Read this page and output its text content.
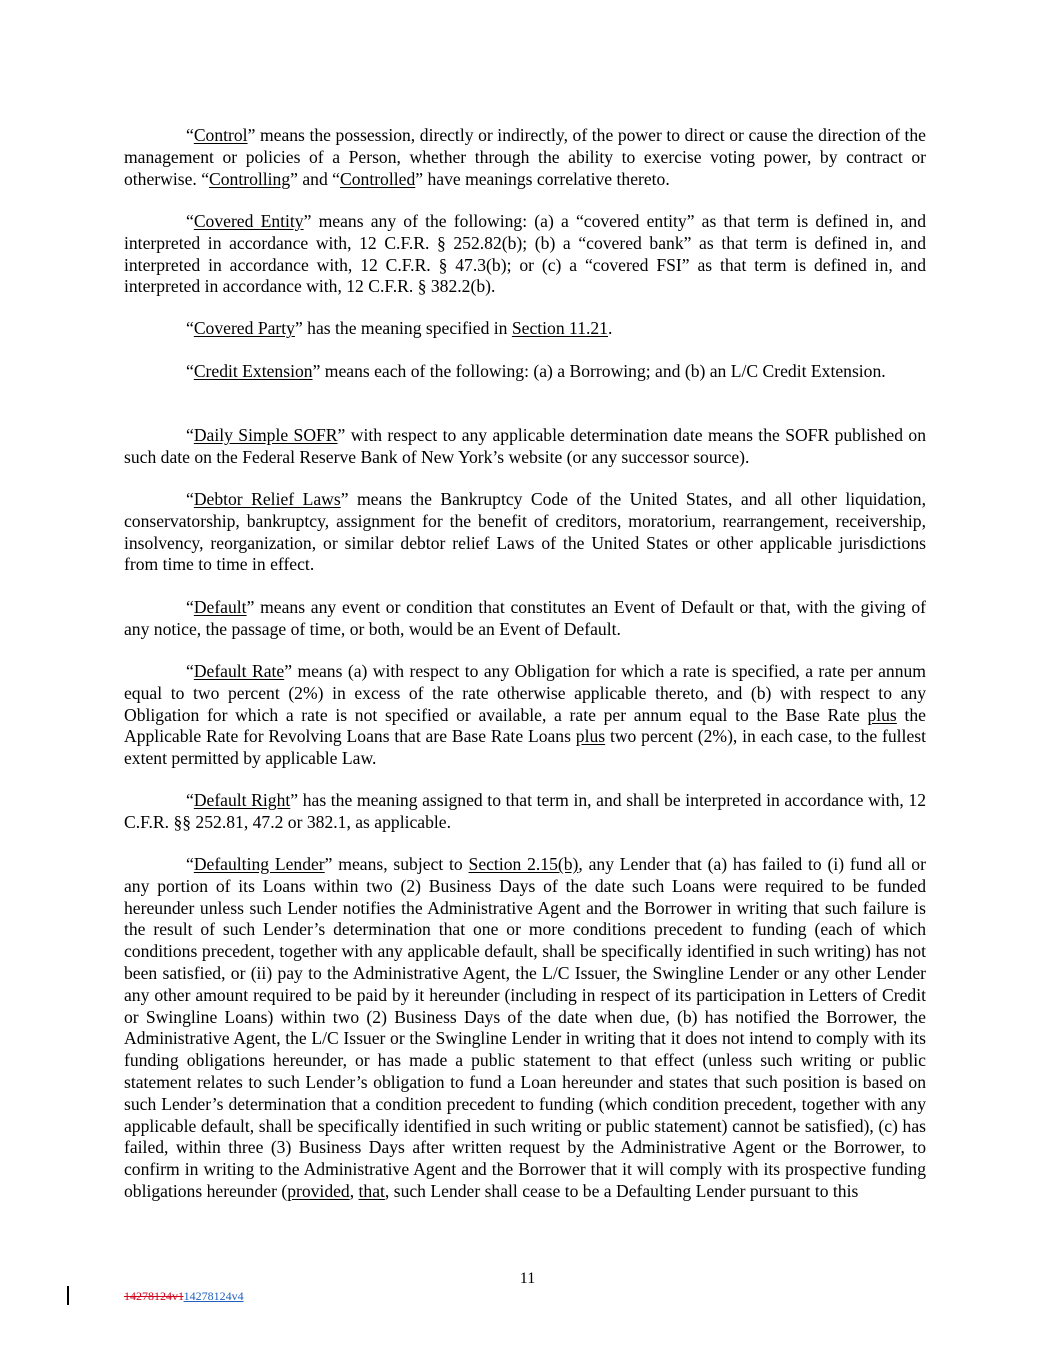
“Control” means the possession, directly or indirectly, of the power to direct or cause the direction of the management or policies of a Person, whether through the ability to exercise voting power, by contract or otherwise. “Controlling” and “Controlled” have meanings correlative thereto.

“Covered Entity” means any of the following: (a) a “covered entity” as that term is defined in, and interpreted in accordance with, 12 C.F.R. § 252.82(b); (b) a “covered bank” as that term is defined in, and interpreted in accordance with, 12 C.F.R. § 47.3(b); or (c) a “covered FSI” as that term is defined in, and interpreted in accordance with, 12 C.F.R. § 382.2(b).

“Covered Party” has the meaning specified in Section 11.21.

“Credit Extension” means each of the following: (a) a Borrowing; and (b) an L/C Credit Extension.

“Daily Simple SOFR” with respect to any applicable determination date means the SOFR published on such date on the Federal Reserve Bank of New York’s website (or any successor source).

“Debtor Relief Laws” means the Bankruptcy Code of the United States, and all other liquidation, conservatorship, bankruptcy, assignment for the benefit of creditors, moratorium, rearrangement, receivership, insolvency, reorganization, or similar debtor relief Laws of the United States or other applicable jurisdictions from time to time in effect.

“Default” means any event or condition that constitutes an Event of Default or that, with the giving of any notice, the passage of time, or both, would be an Event of Default.

“Default Rate” means (a) with respect to any Obligation for which a rate is specified, a rate per annum equal to two percent (2%) in excess of the rate otherwise applicable thereto, and (b) with respect to any Obligation for which a rate is not specified or available, a rate per annum equal to the Base Rate plus the Applicable Rate for Revolving Loans that are Base Rate Loans plus two percent (2%), in each case, to the fullest extent permitted by applicable Law.

“Default Right” has the meaning assigned to that term in, and shall be interpreted in accordance with, 12 C.F.R. §§ 252.81, 47.2 or 382.1, as applicable.

“Defaulting Lender” means, subject to Section 2.15(b), any Lender that (a) has failed to (i) fund all or any portion of its Loans within two (2) Business Days of the date such Loans were required to be funded hereunder unless such Lender notifies the Administrative Agent and the Borrower in writing that such failure is the result of such Lender’s determination that one or more conditions precedent to funding (each of which conditions precedent, together with any applicable default, shall be specifically identified in such writing) has not been satisfied, or (ii) pay to the Administrative Agent, the L/C Issuer, the Swingline Lender or any other Lender any other amount required to be paid by it hereunder (including in respect of its participation in Letters of Credit or Swingline Loans) within two (2) Business Days of the date when due, (b) has notified the Borrower, the Administrative Agent, the L/C Issuer or the Swingline Lender in writing that it does not intend to comply with its funding obligations hereunder, or has made a public statement to that effect (unless such writing or public statement relates to such Lender’s obligation to fund a Loan hereunder and states that such position is based on such Lender’s determination that a condition precedent to funding (which condition precedent, together with any applicable default, shall be specifically identified in such writing or public statement) cannot be satisfied), (c) has failed, within three (3) Business Days after written request by the Administrative Agent or the Borrower, to confirm in writing to the Administrative Agent and the Borrower that it will comply with its prospective funding obligations hereunder (provided, that, such Lender shall cease to be a Defaulting Lender pursuant to this

11
14278124v114278124v4
